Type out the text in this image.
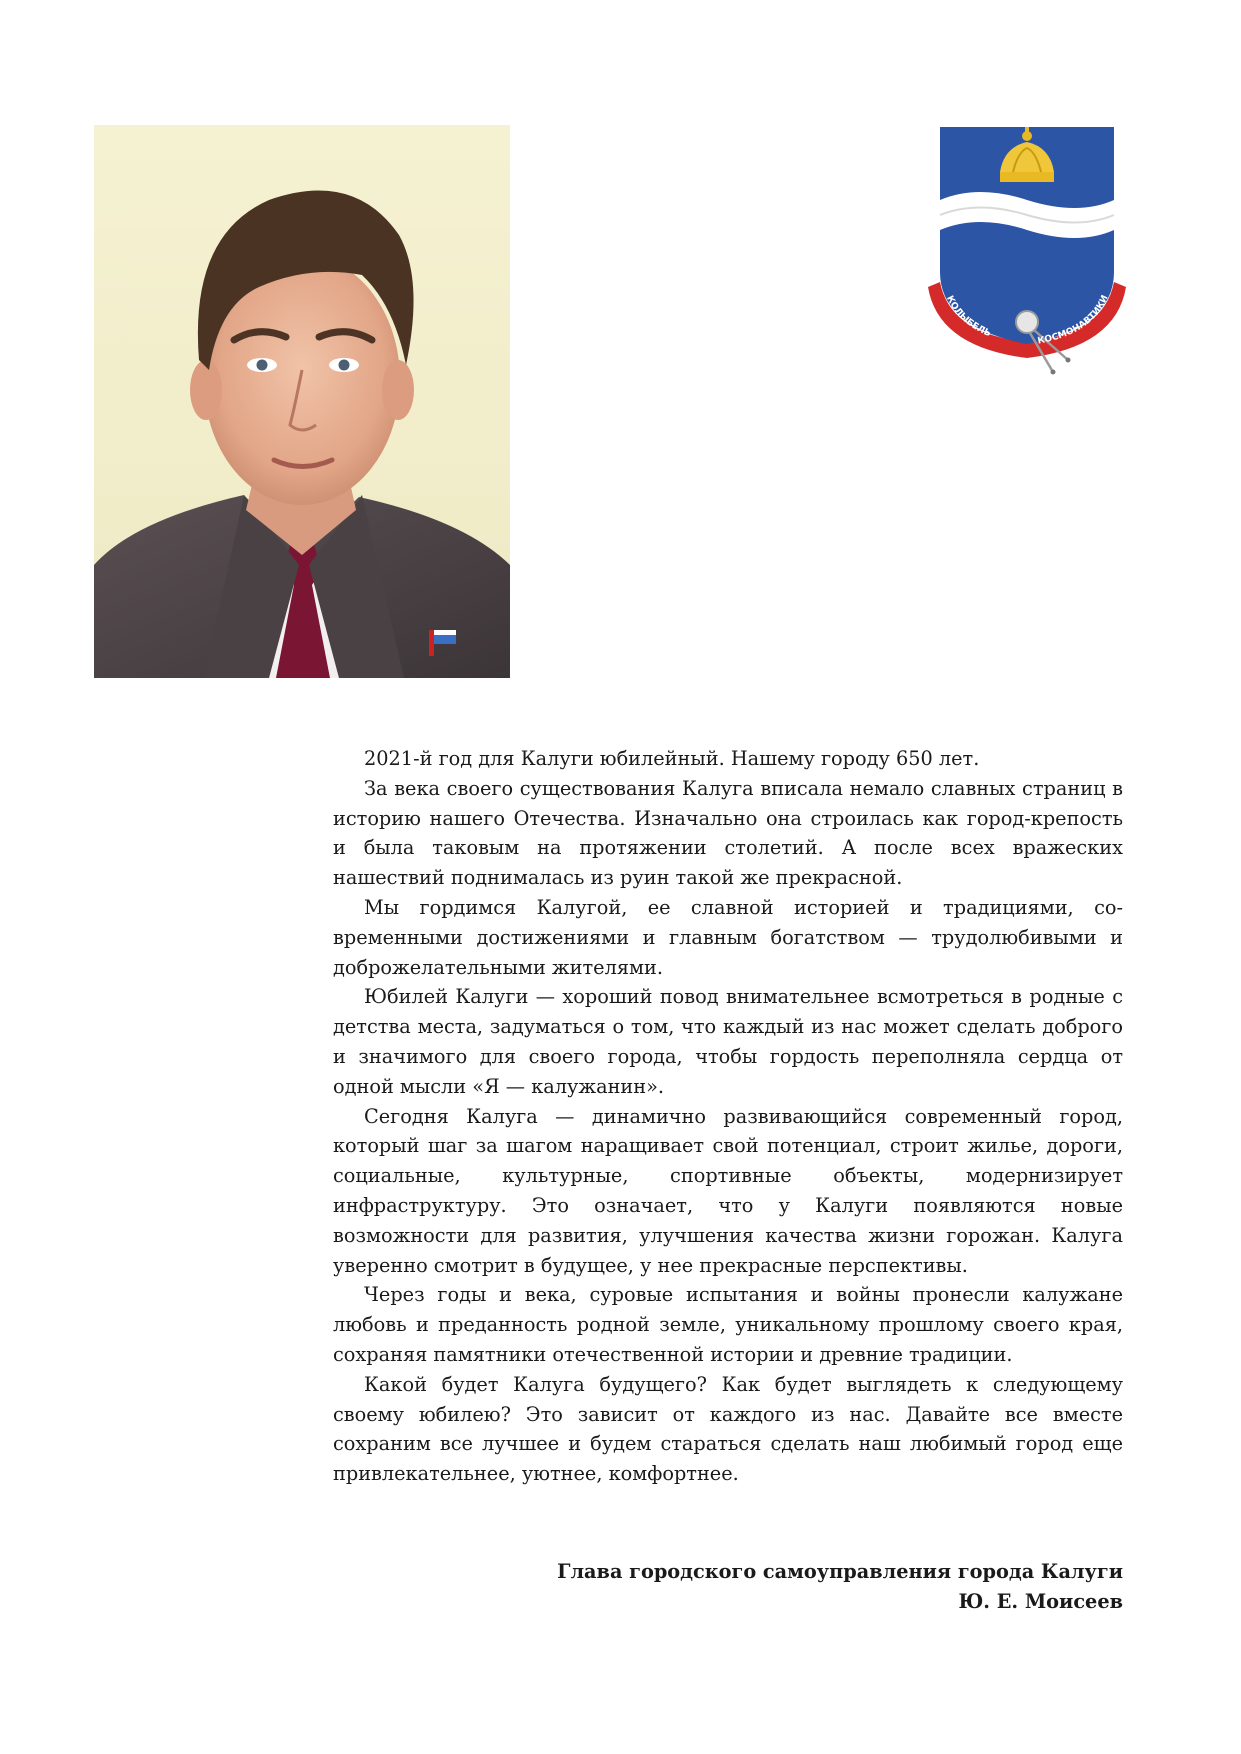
КОЛЫБЕЛЬ
КОСМОНАВТИКИ

2021-й год для Калуги юбилейный. Нашему городу 650 лет.

За века своего существования Калуга вписала немало славных страниц в историю нашего Отечества. Изначально она строилась как город-крепость и была таковым на протяжении столетий. А после всех вражеских нашествий поднималась из руин такой же прекрасной.

Мы гордимся Калугой, ее славной историей и традициями, современными достижениями и главным богатством — трудолюбивыми и доброжелательными жителями.

Юбилей Калуги — хороший повод внимательнее всмотреться в родные с детства места, задуматься о том, что каждый из нас может сделать доброго и значимого для своего города, чтобы гордость переполняла сердца от одной мысли «Я — калужанин».

Сегодня Калуга — динамично развивающийся современный город, который шаг за шагом наращивает свой потенциал, строит жилье, дороги, социальные, культурные, спортивные объекты, модернизирует инфраструктуру. Это означает, что у Калуги появляются новые возможности для развития, улучшения качества жизни горожан. Калуга уверенно смотрит в будущее, у нее прекрасные перспективы.

Через годы и века, суровые испытания и войны пронесли калужане любовь и преданность родной земле, уникальному прошлому своего края, сохраняя памятники отечественной истории и древние традиции.

Какой будет Калуга будущего? Как будет выглядеть к следующему своему юбилею? Это зависит от каждого из нас. Давайте все вместе сохраним все лучшее и будем стараться сделать наш любимый город еще привлекательнее, уютнее, комфортнее.

Глава городского самоуправления города Калуги
Ю. Е. Моисеев
